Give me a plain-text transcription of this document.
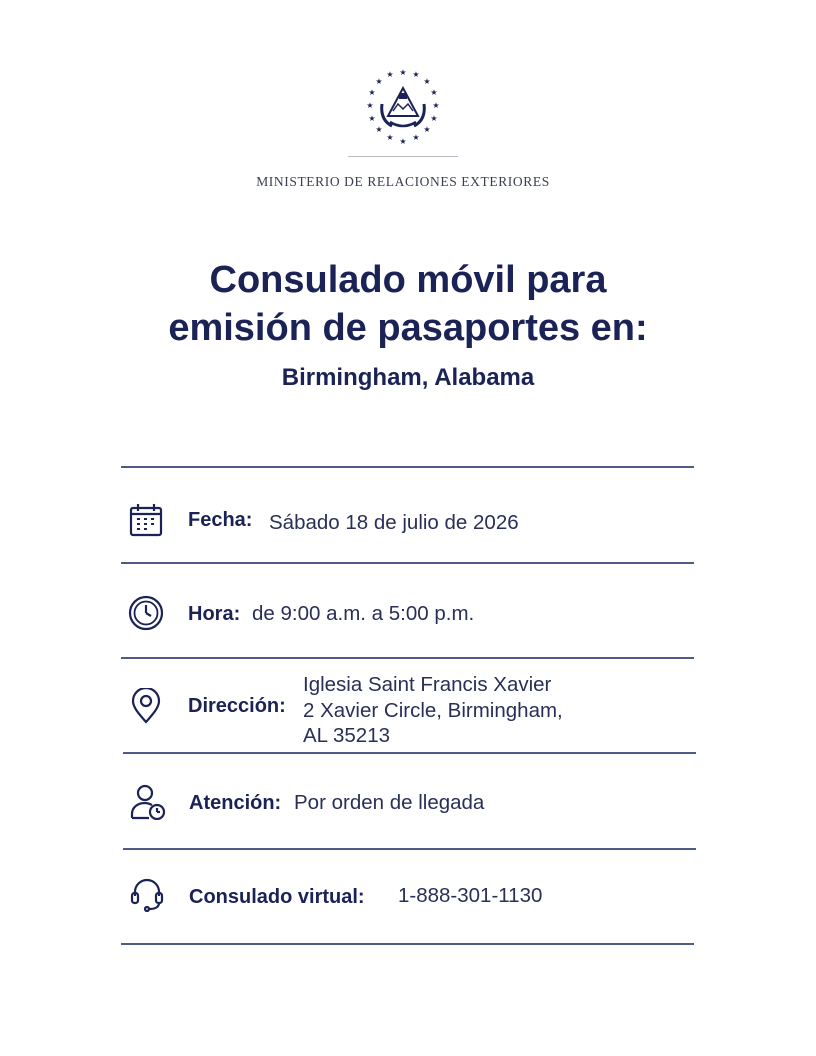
★ ★
★
★
★
★
★
★
★
★
★
★
★
★
★
★
MINISTERIO DE RELACIONES EXTERIORES
Consulado móvil para
emisión de pasaportes en:
Birmingham, Alabama
Fecha: Sábado 18 de julio de 2026
Hora: de 9:00 a.m. a 5:00 p.m.
Dirección:
Iglesia Saint Francis Xavier
2 Xavier Circle, Birmingham,
AL 35213
Atención: Por orden de llegada
Consulado virtual: 1-888-301-1130
